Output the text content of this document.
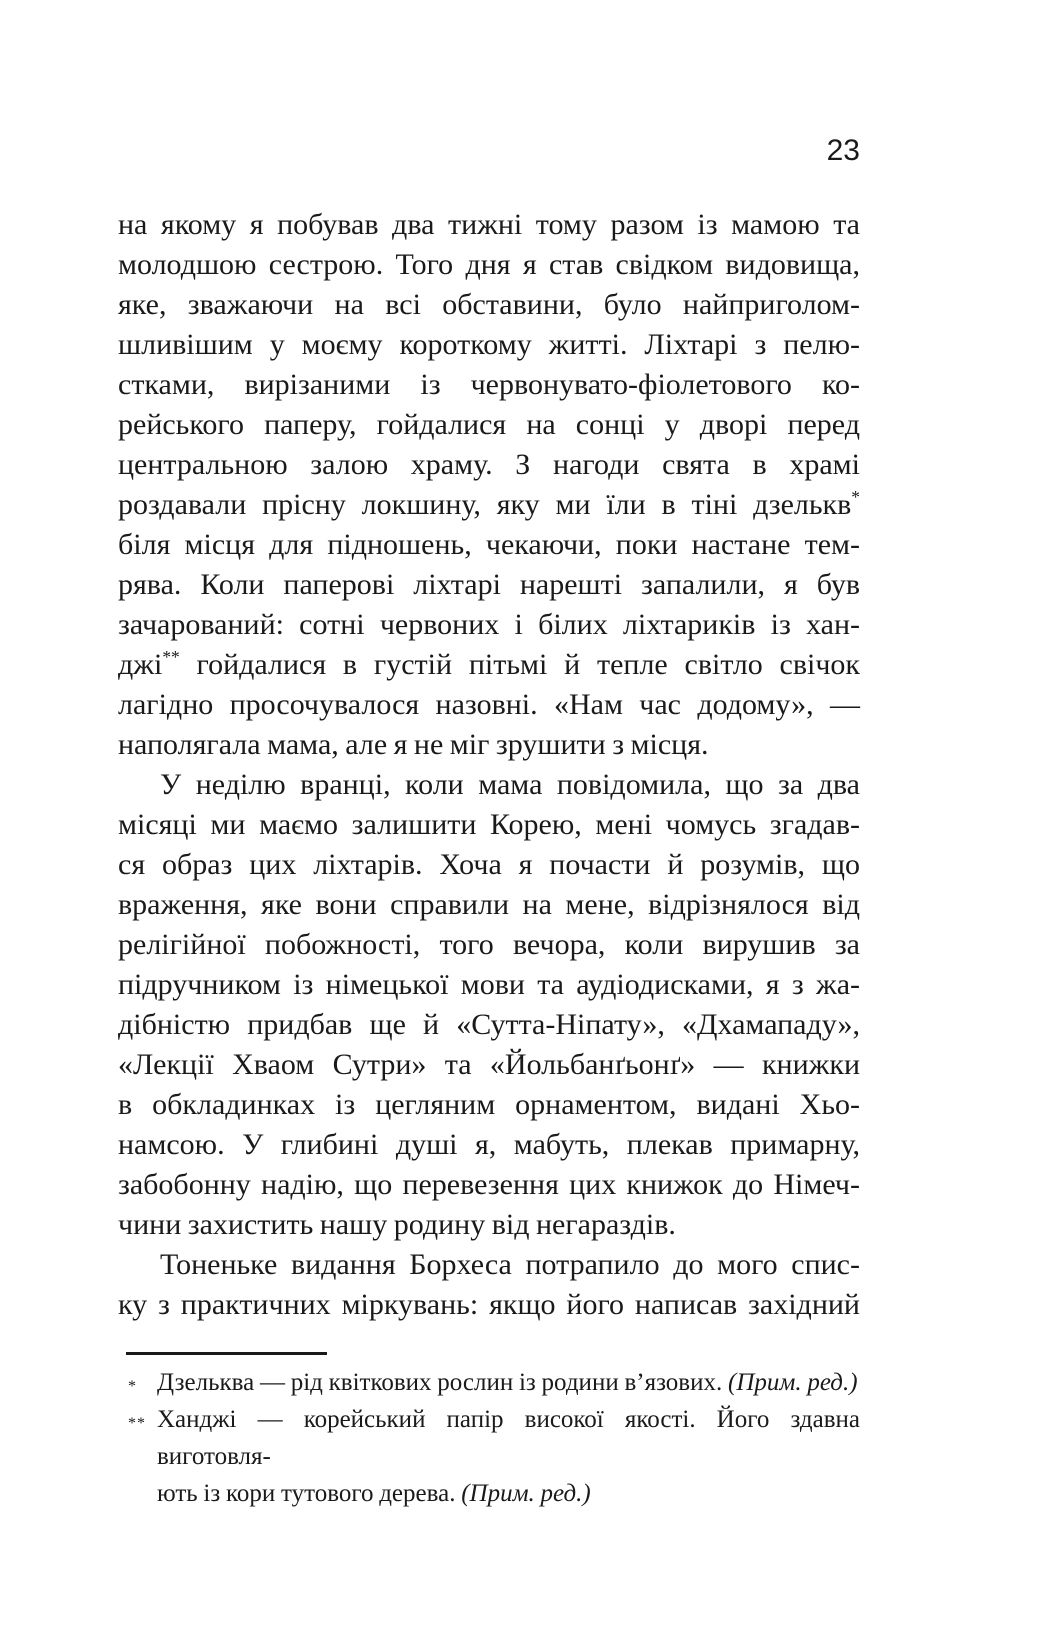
23
на якому я побував два тижні тому разом із мамою та
молодшою сестрою. Того дня я став свідком видовища,
яке, зважаючи на всі обставини, було найприголом-
шливішим у моєму короткому житті. Ліхтарі з пелю-
стками, вирізаними із червонувато-фіолетового ко-
рейського паперу, гойдалися на сонці у дворі перед
центральною залою храму. З нагоди свята в храмі
роздавали прісну локшину, яку ми їли в тіні дзелькв*
біля місця для підношень, чекаючи, поки настане тем-
рява. Коли паперові ліхтарі нарешті запалили, я був
зачарований: сотні червоних і білих ліхтариків із хан-
джі** гойдалися в густій пітьмі й тепле світло свічок
лагідно просочувалося назовні. «Нам час додому», —
наполягала мама, але я не міг зрушити з місця.
У неділю вранці, коли мама повідомила, що за два
місяці ми маємо залишити Корею, мені чомусь згадав-
ся образ цих ліхтарів. Хоча я почасти й розумів, що
враження, яке вони справили на мене, відрізнялося від
релігійної побожності, того вечора, коли вирушив за
підручником із німецької мови та аудіодисками, я з жа-
дібністю придбав ще й «Сутта-Ніпату», «Дхамападу»,
«Лекції Хваом Сутри» та «Йольбанґьонґ» — книжки
в обкладинках із цегляним орнаментом, видані Хьо-
намсою. У глибині душі я, мабуть, плекав примарну,
забобонну надію, що перевезення цих книжок до Німеч-
чини захистить нашу родину від негараздів.
Тоненьке видання Борхеса потрапило до мого спис-
ку з практичних міркувань: якщо його написав західний
* Дзельква — рід квіткових рослин із родини в’язових. (Прим. ред.)
** Ханджі — корейський папір високої якості. Його здавна виготовля-
ють із кори тутового дерева. (Прим. ред.)
